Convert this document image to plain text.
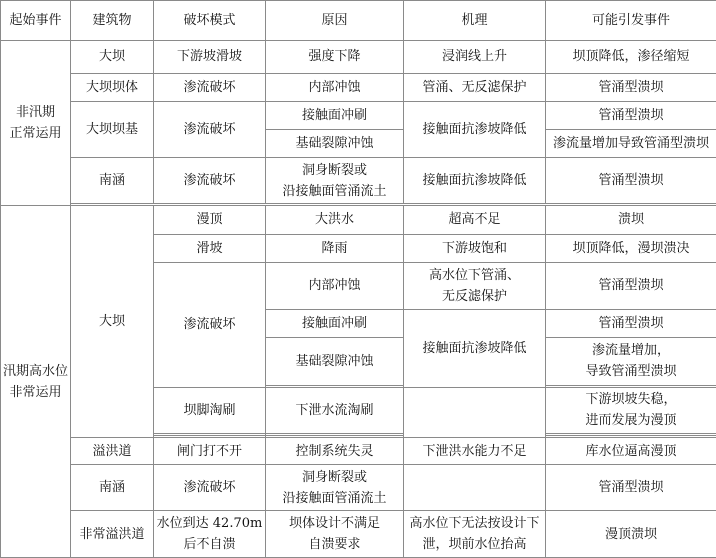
起始事件	建筑物	破坏模式	原因	机理	可能引发事件
非汛期
正常运用	大坝	下游坡滑坡	强度下降	浸润线上升	坝顶降低，渗径缩短
	大坝坝体	渗流破坏	内部冲蚀	管涌、无反滤保护	管涌型溃坝
	大坝坝基	渗流破坏	接触面冲刷	接触面抗渗坡降低	管涌型溃坝
			基础裂隙冲蚀		渗流量增加导致管涌型溃坝
	南涵	渗流破坏	洞身断裂或
沿接触面管涌流土	接触面抗渗坡降低	管涌型溃坝

汛期高水位
非常运用	大坝	漫顶	大洪水	超高不足	溃坝
		滑坡	降雨	下游坡饱和	坝顶降低，漫坝溃决
		渗流破坏	内部冲蚀	高水位下管涌、
无反滤保护	管涌型溃坝
			接触面冲刷	接触面抗渗坡降低	管涌型溃坝
			基础裂隙冲蚀		渗流量增加，
导致管涌型溃坝

		坝脚淘刷	下泄水流淘刷		下游坝坡失稳，
进而发展为漫顶

	溢洪道	闸门打不开	控制系统失灵	下泄洪水能力不足	库水位逼高漫顶
	南涵	渗流破坏	洞身断裂或
沿接触面管涌流土		管涌型溃坝
	非常溢洪道	水位到达 42.70m
后不自溃	坝体设计不满足
自溃要求	高水位下无法按设计下
泄，坝前水位抬高	漫顶溃坝
